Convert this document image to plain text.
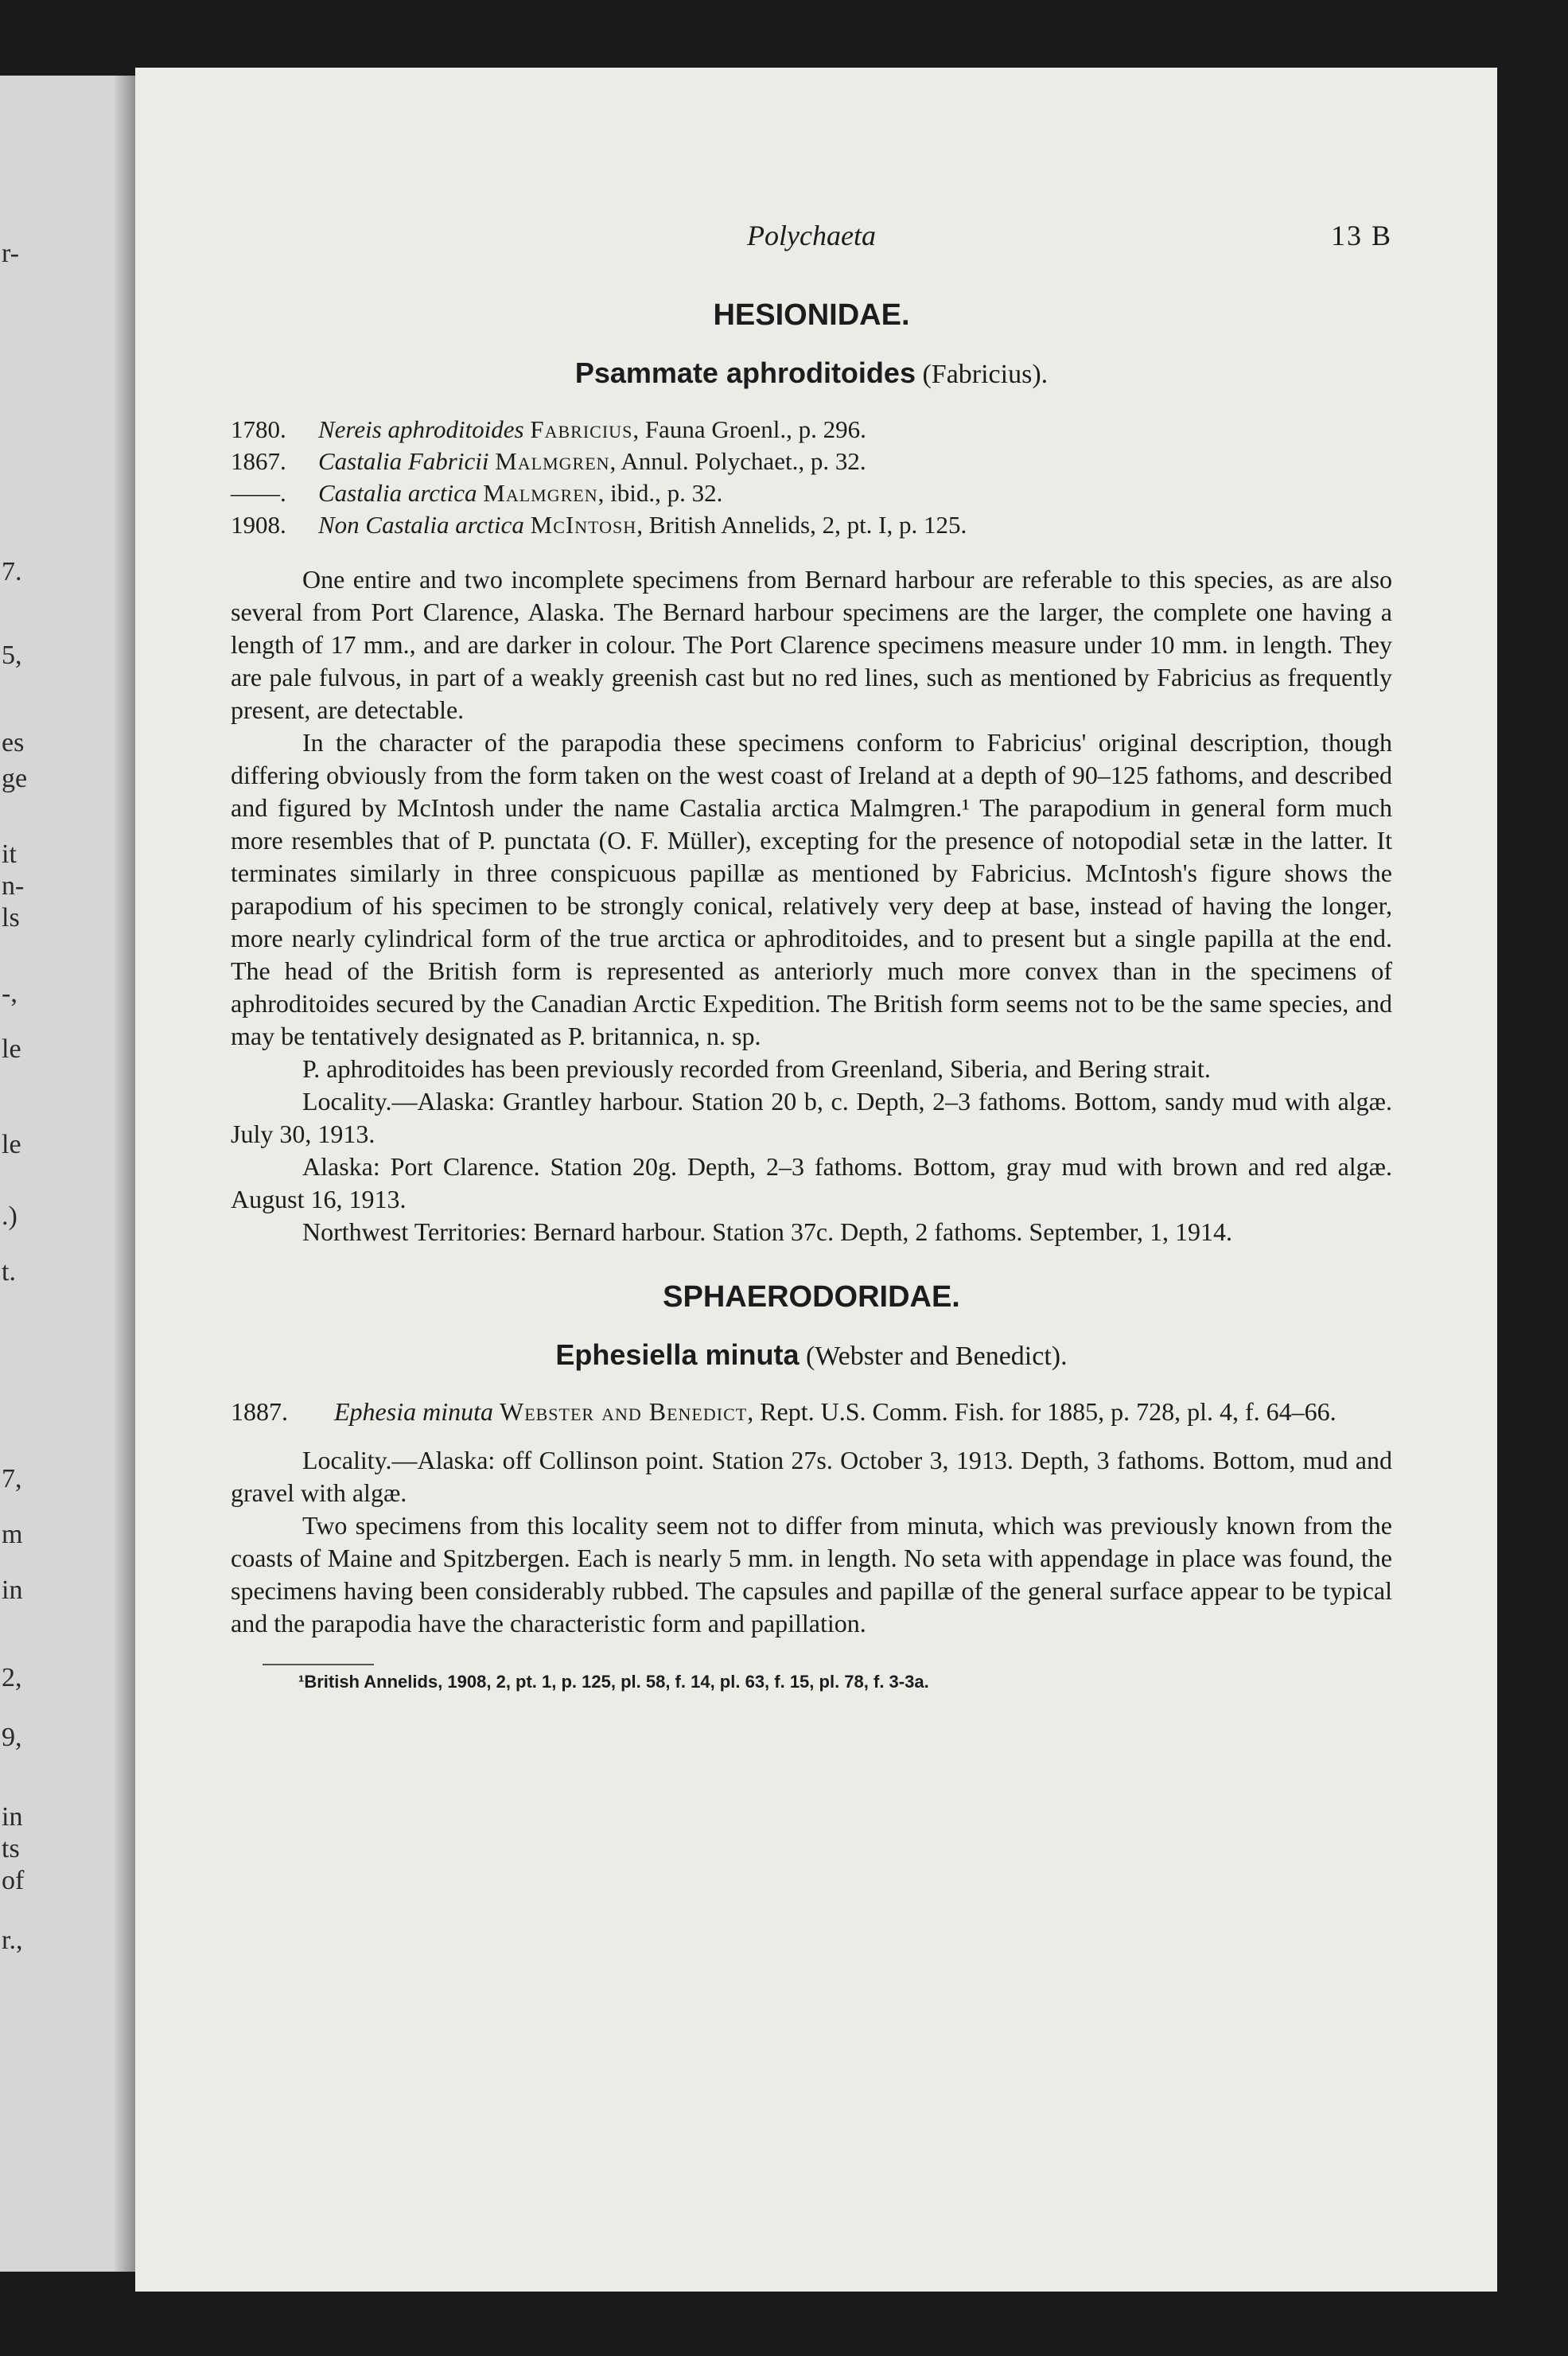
r-
7.
5,
es
ge
it
n-
ls
-,
le
le
.)
t.
7,
m
in
2,
9,
in
ts
of
r.,
Polychaeta	13 B
HESIONIDAE.
Psammate aphroditoides (Fabricius).
1780.	Nereis aphroditoides Fabricius, Fauna Groenl., p. 296.
1867.	Castalia Fabricii Malmgren, Annul. Polychaet., p. 32.
——.	Castalia arctica Malmgren, ibid., p. 32.
1908.	Non Castalia arctica McIntosh, British Annelids, 2, pt. I, p. 125.

One entire and two incomplete specimens from Bernard harbour are referable to this species, as are also several from Port Clarence, Alaska. The Bernard harbour specimens are the larger, the complete one having a length of 17 mm., and are darker in colour. The Port Clarence specimens measure under 10 mm. in length. They are pale fulvous, in part of a weakly greenish cast but no red lines, such as mentioned by Fabricius as frequently present, are detectable.

In the character of the parapodia these specimens conform to Fabricius' original description, though differing obviously from the form taken on the west coast of Ireland at a depth of 90–125 fathoms, and described and figured by McIntosh under the name Castalia arctica Malmgren.¹ The parapodium in general form much more resembles that of P. punctata (O. F. Müller), excepting for the presence of notopodial setæ in the latter. It terminates similarly in three conspicuous papillæ as mentioned by Fabricius. McIntosh's figure shows the parapodium of his specimen to be strongly conical, relatively very deep at base, instead of having the longer, more nearly cylindrical form of the true arctica or aphroditoides, and to present but a single papilla at the end. The head of the British form is represented as anteriorly much more convex than in the specimens of aphroditoides secured by the Canadian Arctic Expedition. The British form seems not to be the same species, and may be tentatively designated as P. britannica, n. sp.

P. aphroditoides has been previously recorded from Greenland, Siberia, and Bering strait.

Locality.—Alaska: Grantley harbour. Station 20 b, c. Depth, 2–3 fathoms. Bottom, sandy mud with algæ. July 30, 1913.

Alaska: Port Clarence. Station 20g. Depth, 2–3 fathoms. Bottom, gray mud with brown and red algæ. August 16, 1913.

Northwest Territories: Bernard harbour. Station 37c. Depth, 2 fathoms. September, 1, 1914.

SPHAERODORIDAE.
Ephesiella minuta (Webster and Benedict).

1887.	Ephesia minuta Webster and Benedict, Rept. U.S. Comm. Fish. for 1885, p. 728, pl. 4, f. 64–66.

Locality.—Alaska: off Collinson point. Station 27s. October 3, 1913. Depth, 3 fathoms. Bottom, mud and gravel with algæ.

Two specimens from this locality seem not to differ from minuta, which was previously known from the coasts of Maine and Spitzbergen. Each is nearly 5 mm. in length. No seta with appendage in place was found, the specimens having been considerably rubbed. The capsules and papillæ of the general surface appear to be typical and the parapodia have the characteristic form and papillation.

¹British Annelids, 1908, 2, pt. 1, p. 125, pl. 58, f. 14, pl. 63, f. 15, pl. 78, f. 3-3a.
